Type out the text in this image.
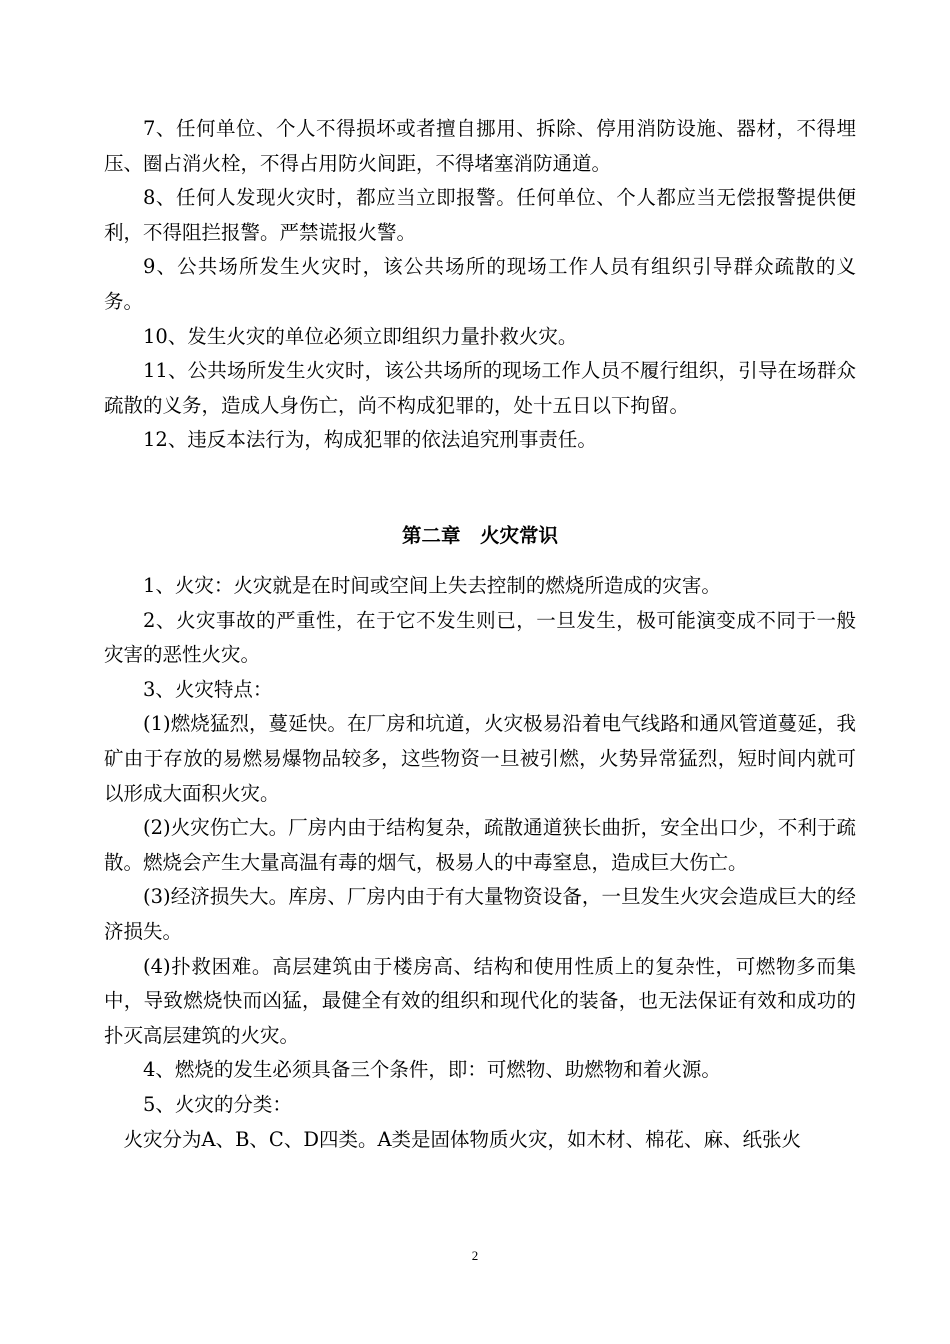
7、任何单位、个人不得损坏或者擅自挪用、拆除、停用消防设施、器材，不得埋压、圈占消火栓，不得占用防火间距，不得堵塞消防通道。

8、任何人发现火灾时，都应当立即报警。任何单位、个人都应当无偿报警提供便利，不得阻拦报警。严禁谎报火警。

9、公共场所发生火灾时，该公共场所的现场工作人员有组织引导群众疏散的义务。

10、发生火灾的单位必须立即组织力量扑救火灾。

11、公共场所发生火灾时，该公共场所的现场工作人员不履行组织，引导在场群众疏散的义务，造成人身伤亡，尚不构成犯罪的，处十五日以下拘留。

12、违反本法行为，构成犯罪的依法追究刑事责任。

第二章　火灾常识

1、火灾：火灾就是在时间或空间上失去控制的燃烧所造成的灾害。

2、火灾事故的严重性，在于它不发生则已，一旦发生，极可能演变成不同于一般灾害的恶性火灾。

3、火灾特点：

(1)燃烧猛烈，蔓延快。在厂房和坑道，火灾极易沿着电气线路和通风管道蔓延，我矿由于存放的易燃易爆物品较多，这些物资一旦被引燃，火势异常猛烈，短时间内就可以形成大面积火灾。

(2)火灾伤亡大。厂房内由于结构复杂，疏散通道狭长曲折，安全出口少，不利于疏散。燃烧会产生大量高温有毒的烟气，极易人的中毒窒息，造成巨大伤亡。

(3)经济损失大。库房、厂房内由于有大量物资设备，一旦发生火灾会造成巨大的经济损失。

(4)扑救困难。高层建筑由于楼房高、结构和使用性质上的复杂性，可燃物多而集中，导致燃烧快而凶猛，最健全有效的组织和现代化的装备，也无法保证有效和成功的扑灭高层建筑的火灾。

4、燃烧的发生必须具备三个条件，即：可燃物、助燃物和着火源。

5、火灾的分类：

火灾分为A、B、C、D四类。A类是固体物质火灾，如木材、棉花、麻、纸张火

2
